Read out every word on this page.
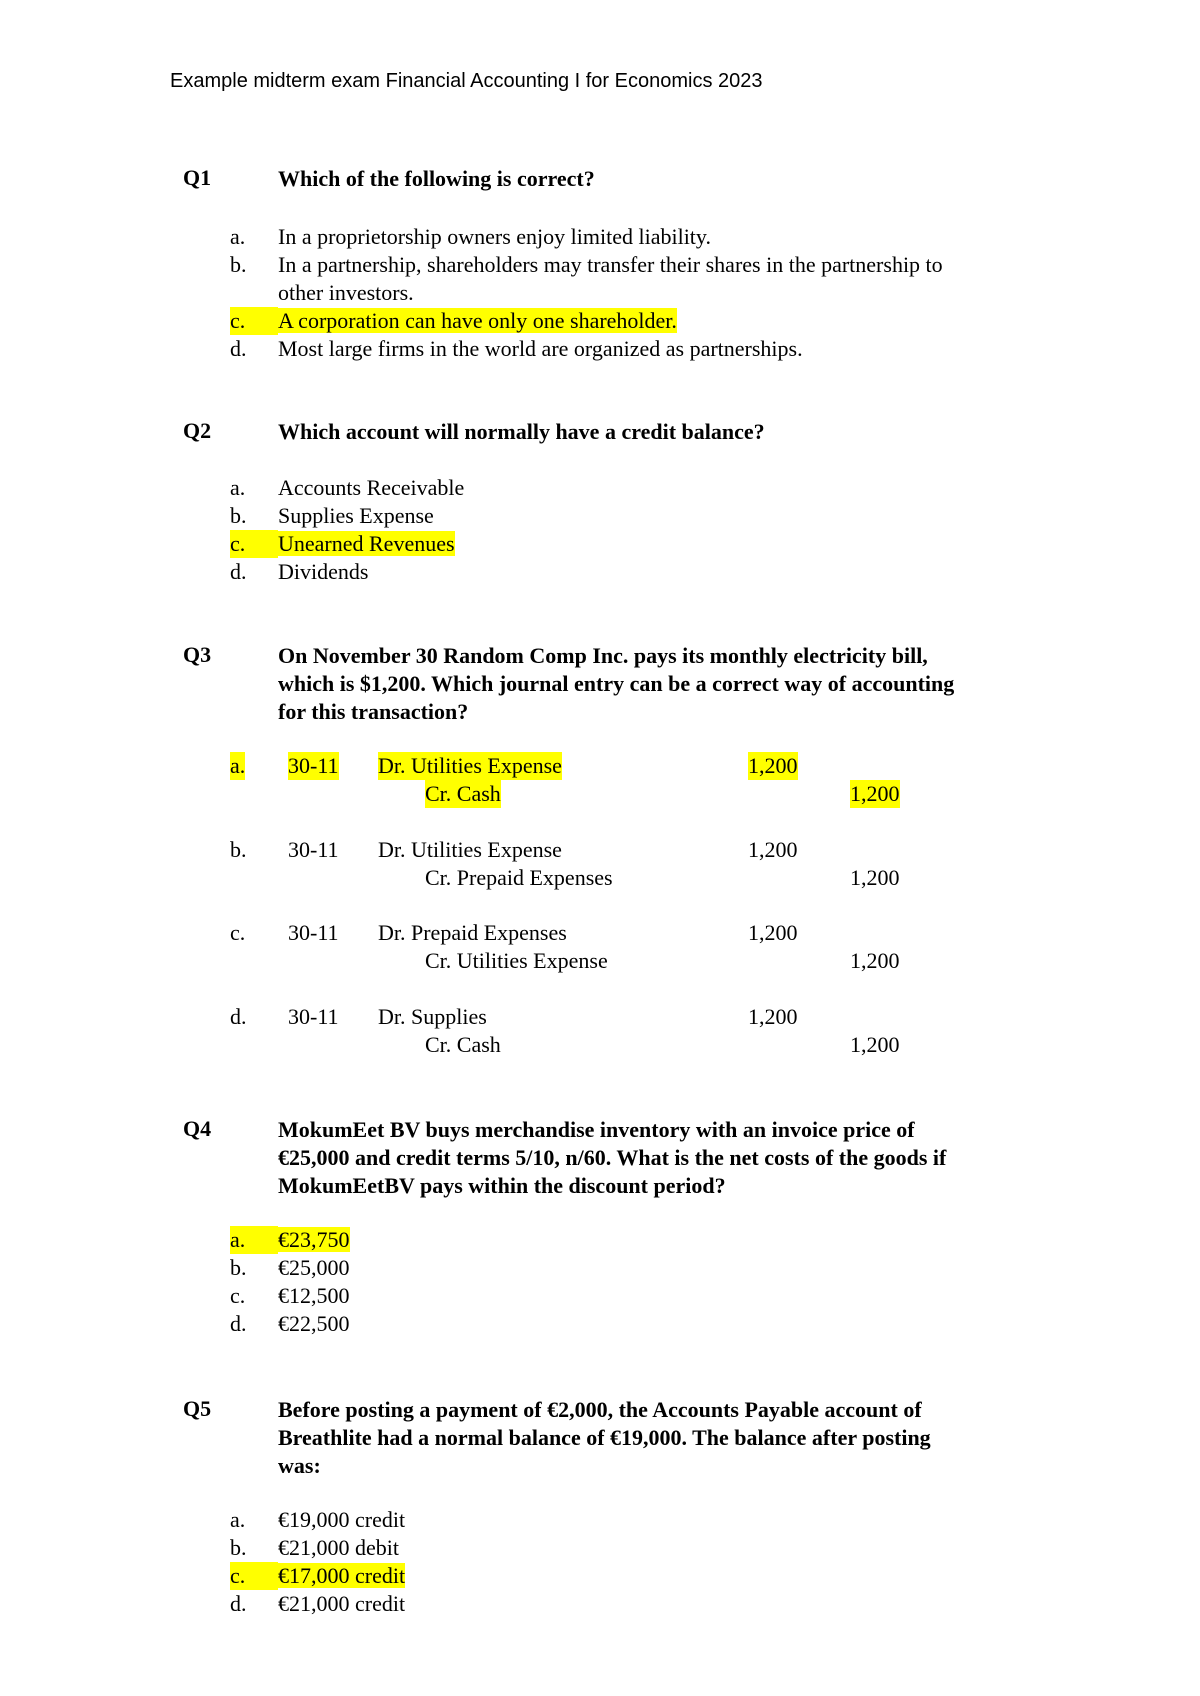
Example midterm exam Financial Accounting I for Economics 2023
Q1	Which of the following is correct?
a. In a proprietorship owners enjoy limited liability.
b. In a partnership, shareholders may transfer their shares in the partnership to
other investors.
c. A corporation can have only one shareholder.
d. Most large firms in the world are organized as partnerships.
Q2	Which account will normally have a credit balance?
a. Accounts Receivable
b. Supplies Expense
c. Unearned Revenues
d. Dividends
Q3	On November 30 Random Comp Inc. pays its monthly electricity bill,
which is $1,200. Which journal entry can be a correct way of accounting
for this transaction?
a. 30-11 Dr. Utilities Expense	1,200
Cr. Cash	1,200
b. 30-11 Dr. Utilities Expense	1,200
Cr. Prepaid Expenses	1,200
c. 30-11 Dr. Prepaid Expenses	1,200
Cr. Utilities Expense	1,200
d. 30-11 Dr. Supplies	1,200
Cr. Cash	1,200
Q4	MokumEet BV buys merchandise inventory with an invoice price of
€25,000 and credit terms 5/10, n/60. What is the net costs of the goods if
MokumEetBV pays within the discount period?
a. €23,750
b. €25,000
c. €12,500
d. €22,500
Q5	Before posting a payment of €2,000, the Accounts Payable account of
Breathlite had a normal balance of €19,000. The balance after posting
was:
a. €19,000 credit
b. €21,000 debit
c. €17,000 credit
d. €21,000 credit
